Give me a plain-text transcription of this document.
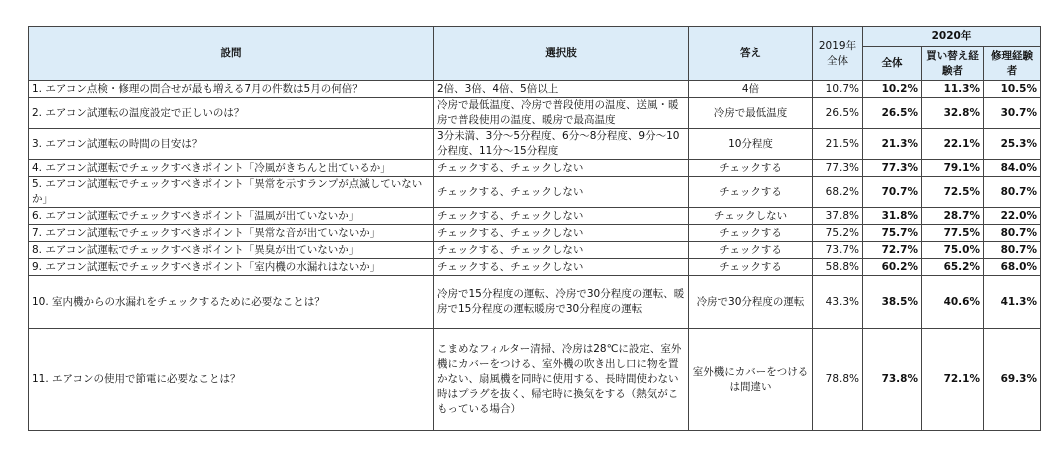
設問	選択肢	答え	2019年全体	2020年		
				全体	買い替え経験者	修理経験者
1. エアコン点検・修理の問合せが最も増える7月の件数は5月の何倍？	2倍、3倍、4倍、5倍以上	4倍	10.7%	10.2%	11.3%	10.5%
2. エアコン試運転の温度設定で正しいのは？	冷房で最低温度、冷房で普段使用の温度、送風・暖房で普段使用の温度、暖房で最高温度	冷房で最低温度	26.5%	26.5%	32.8%	30.7%
3. エアコン試運転の時間の目安は？	3分未満、3分～5分程度、6分～8分程度、9分～10分程度、11分～15分程度	10分程度	21.5%	21.3%	22.1%	25.3%
4. エアコン試運転でチェックすべきポイント「冷風がきちんと出ているか」	チェックする、チェックしない	チェックする	77.3%	77.3%	79.1%	84.0%
5. エアコン試運転でチェックすべきポイント「異常を示すランプが点滅していないか」	チェックする、チェックしない	チェックする	68.2%	70.7%	72.5%	80.7%
6. エアコン試運転でチェックすべきポイント「温風が出ていないか」	チェックする、チェックしない	チェックしない	37.8%	31.8%	28.7%	22.0%
7. エアコン試運転でチェックすべきポイント「異常な音が出ていないか」	チェックする、チェックしない	チェックする	75.2%	75.7%	77.5%	80.7%
8. エアコン試運転でチェックすべきポイント「異臭が出ていないか」	チェックする、チェックしない	チェックする	73.7%	72.7%	75.0%	80.7%
9. エアコン試運転でチェックすべきポイント「室内機の水漏れはないか」	チェックする、チェックしない	チェックする	58.8%	60.2%	65.2%	68.0%
10. 室内機からの水漏れをチェックするために必要なことは？	冷房で15分程度の運転、冷房で30分程度の運転、暖房で15分程度の運転暖房で30分程度の運転	冷房で30分程度の運転	43.3%	38.5%	40.6%	41.3%
11. エアコンの使用で節電に必要なことは？	こまめなフィルター清掃、冷房は28℃に設定、室外機にカバーをつける、室外機の吹き出し口に物を置かない、扇風機を同時に使用する、長時間使わない時はプラグを抜く、帰宅時に換気をする（熱気がこもっている場合）	室外機にカバーをつけるは間違い	78.8%	73.8%	72.1%	69.3%
